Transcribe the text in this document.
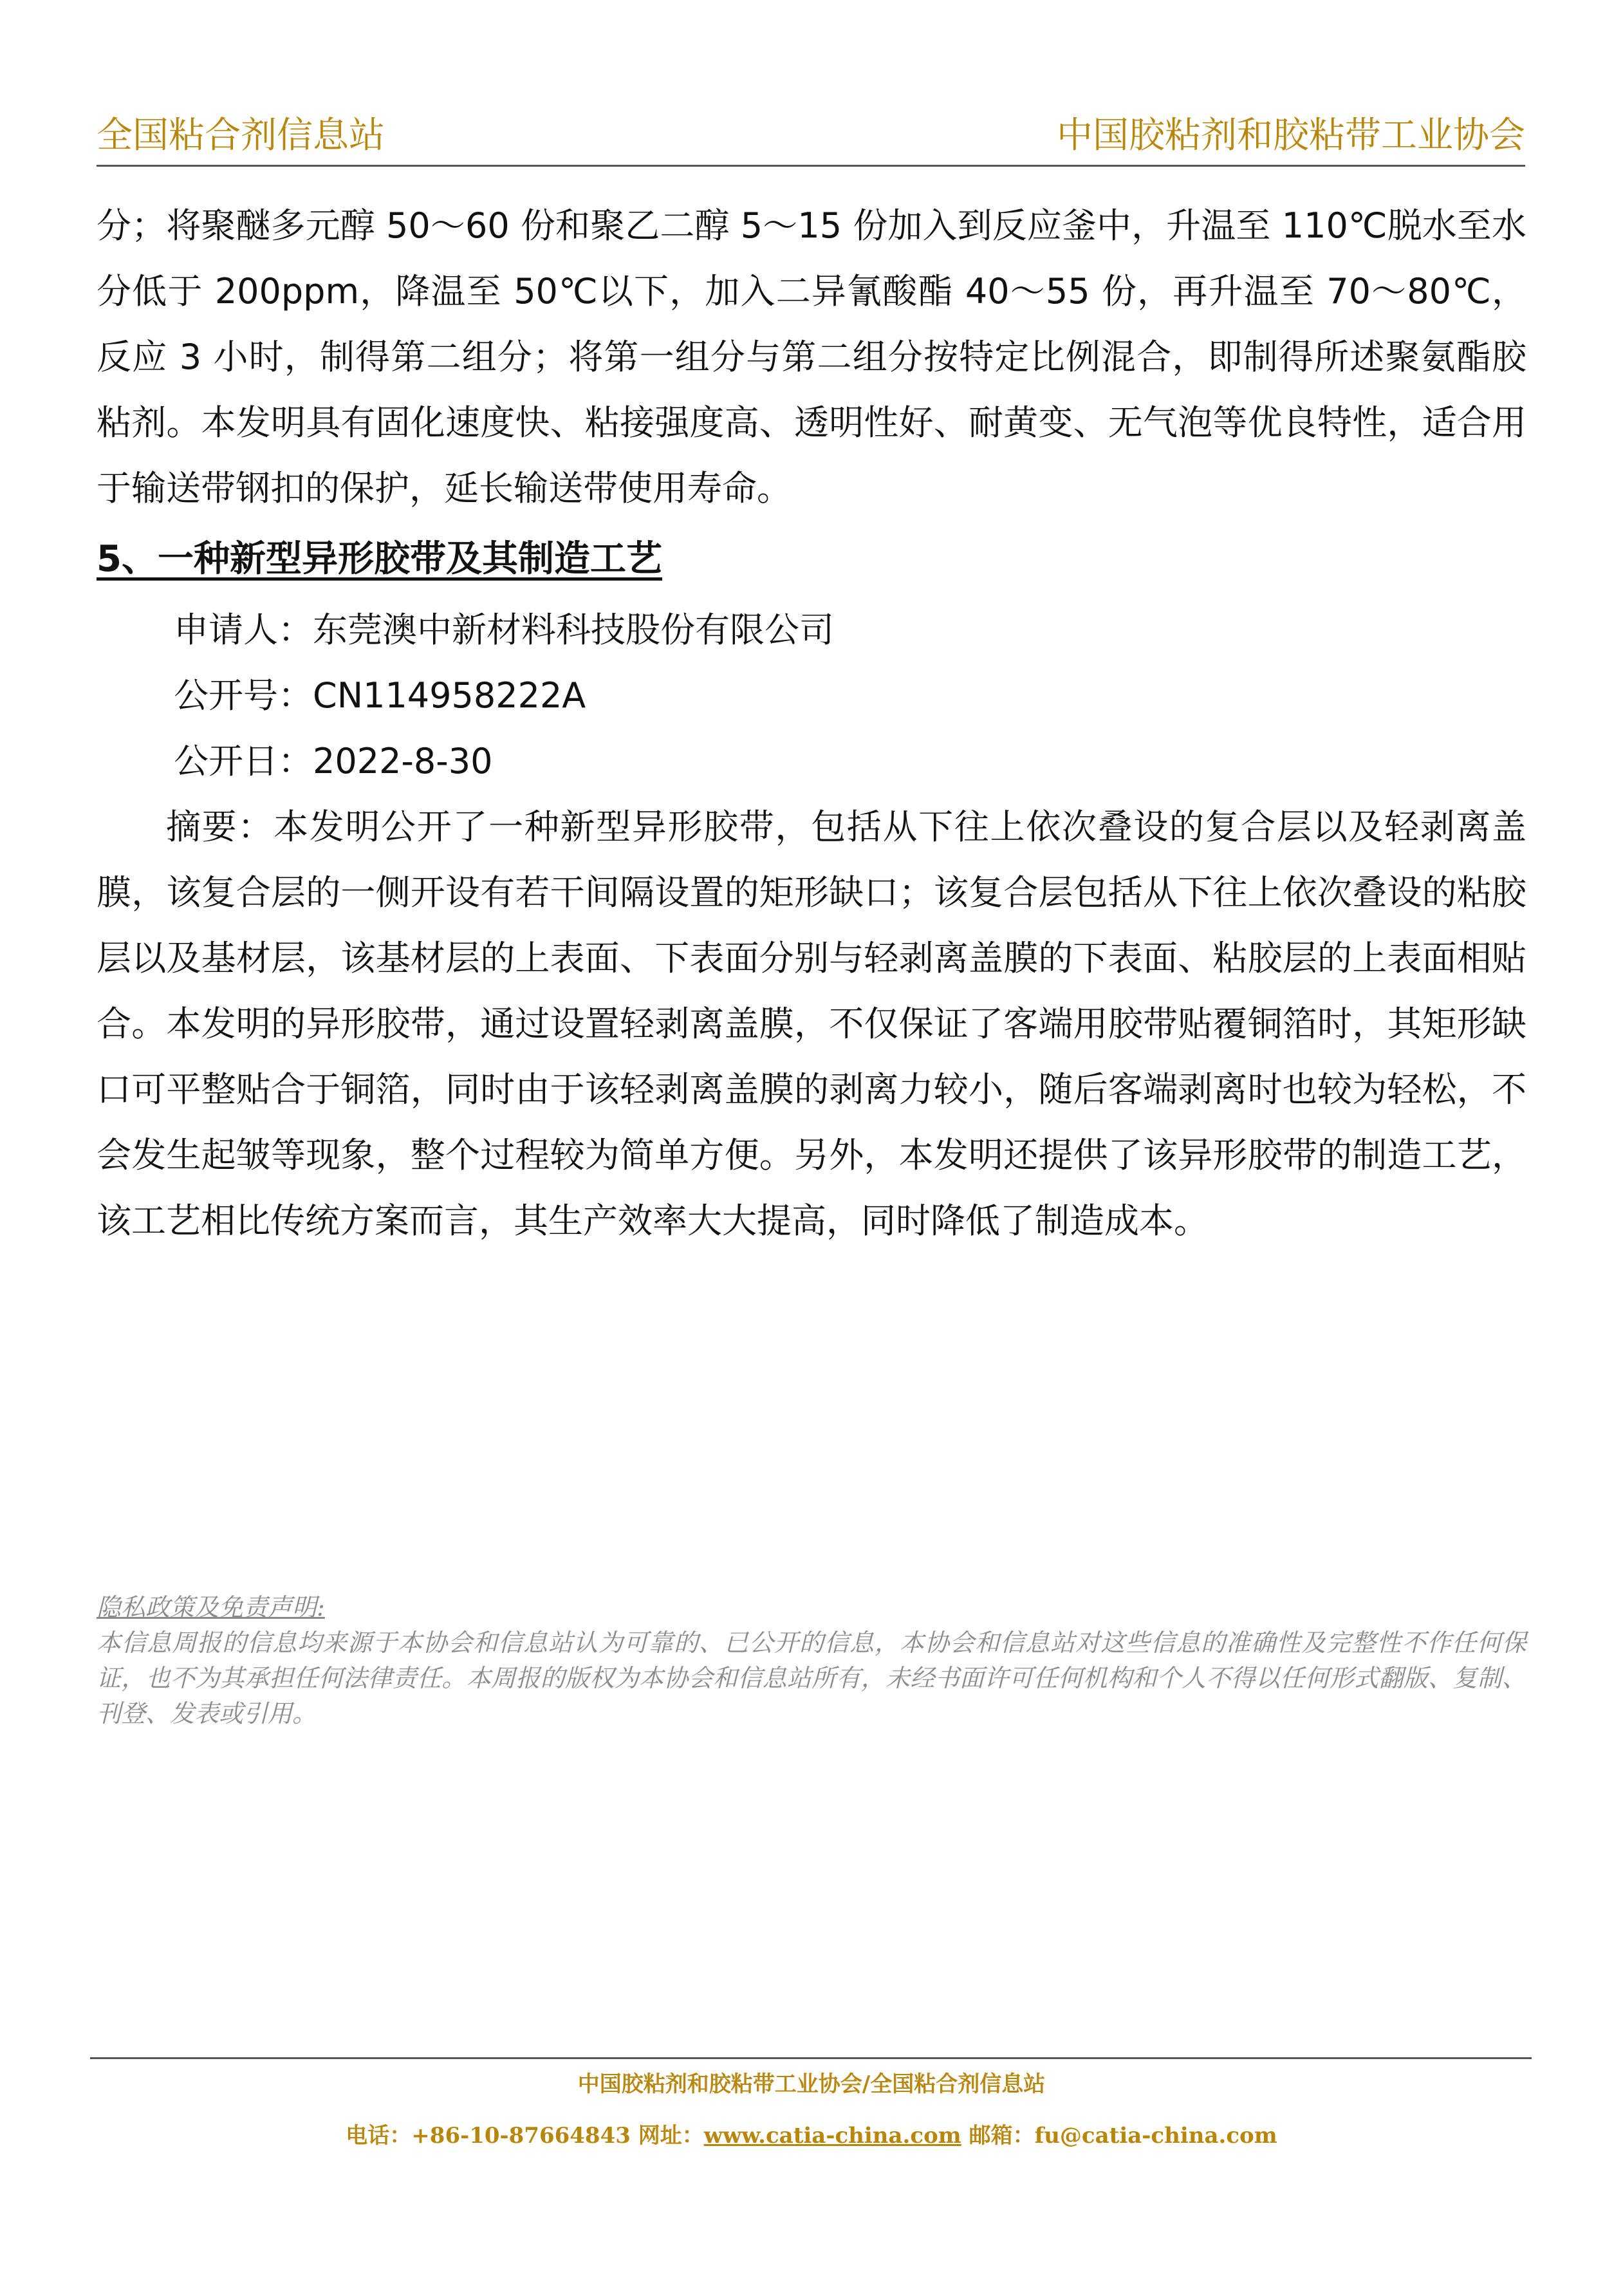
全国粘合剂信息站	中国胶粘剂和胶粘带工业协会

分；将聚醚多元醇 50～60 份和聚乙二醇 5～15 份加入到反应釜中，升温至 110℃脱水至水分低于 200ppm，降温至 50℃以下，加入二异氰酸酯 40～55 份，再升温至 70～80℃，反应 3 小时，制得第二组分；将第一组分与第二组分按特定比例混合，即制得所述聚氨酯胶粘剂。本发明具有固化速度快、粘接强度高、透明性好、耐黄变、无气泡等优良特性，适合用于输送带钢扣的保护，延长输送带使用寿命。

5、一种新型异形胶带及其制造工艺

申请人：东莞澳中新材料科技股份有限公司

公开号：CN114958222A

公开日：2022-8-30

摘要：本发明公开了一种新型异形胶带，包括从下往上依次叠设的复合层以及轻剥离盖膜，该复合层的一侧开设有若干间隔设置的矩形缺口；该复合层包括从下往上依次叠设的粘胶层以及基材层，该基材层的上表面、下表面分别与轻剥离盖膜的下表面、粘胶层的上表面相贴合。本发明的异形胶带，通过设置轻剥离盖膜，不仅保证了客端用胶带贴覆铜箔时，其矩形缺口可平整贴合于铜箔，同时由于该轻剥离盖膜的剥离力较小，随后客端剥离时也较为轻松，不会发生起皱等现象，整个过程较为简单方便。另外，本发明还提供了该异形胶带的制造工艺，该工艺相比传统方案而言，其生产效率大大提高，同时降低了制造成本。

隐私政策及免责声明:

本信息周报的信息均来源于本协会和信息站认为可靠的、已公开的信息，本协会和信息站对这些信息的准确性及完整性不作任何保证，也不为其承担任何法律责任。本周报的版权为本协会和信息站所有，未经书面许可任何机构和个人不得以任何形式翻版、复制、刊登、发表或引用。

中国胶粘剂和胶粘带工业协会/全国粘合剂信息站
电话：+86-10-87664843 网址：www.catia-china.com 邮箱：fu@catia-china.com
